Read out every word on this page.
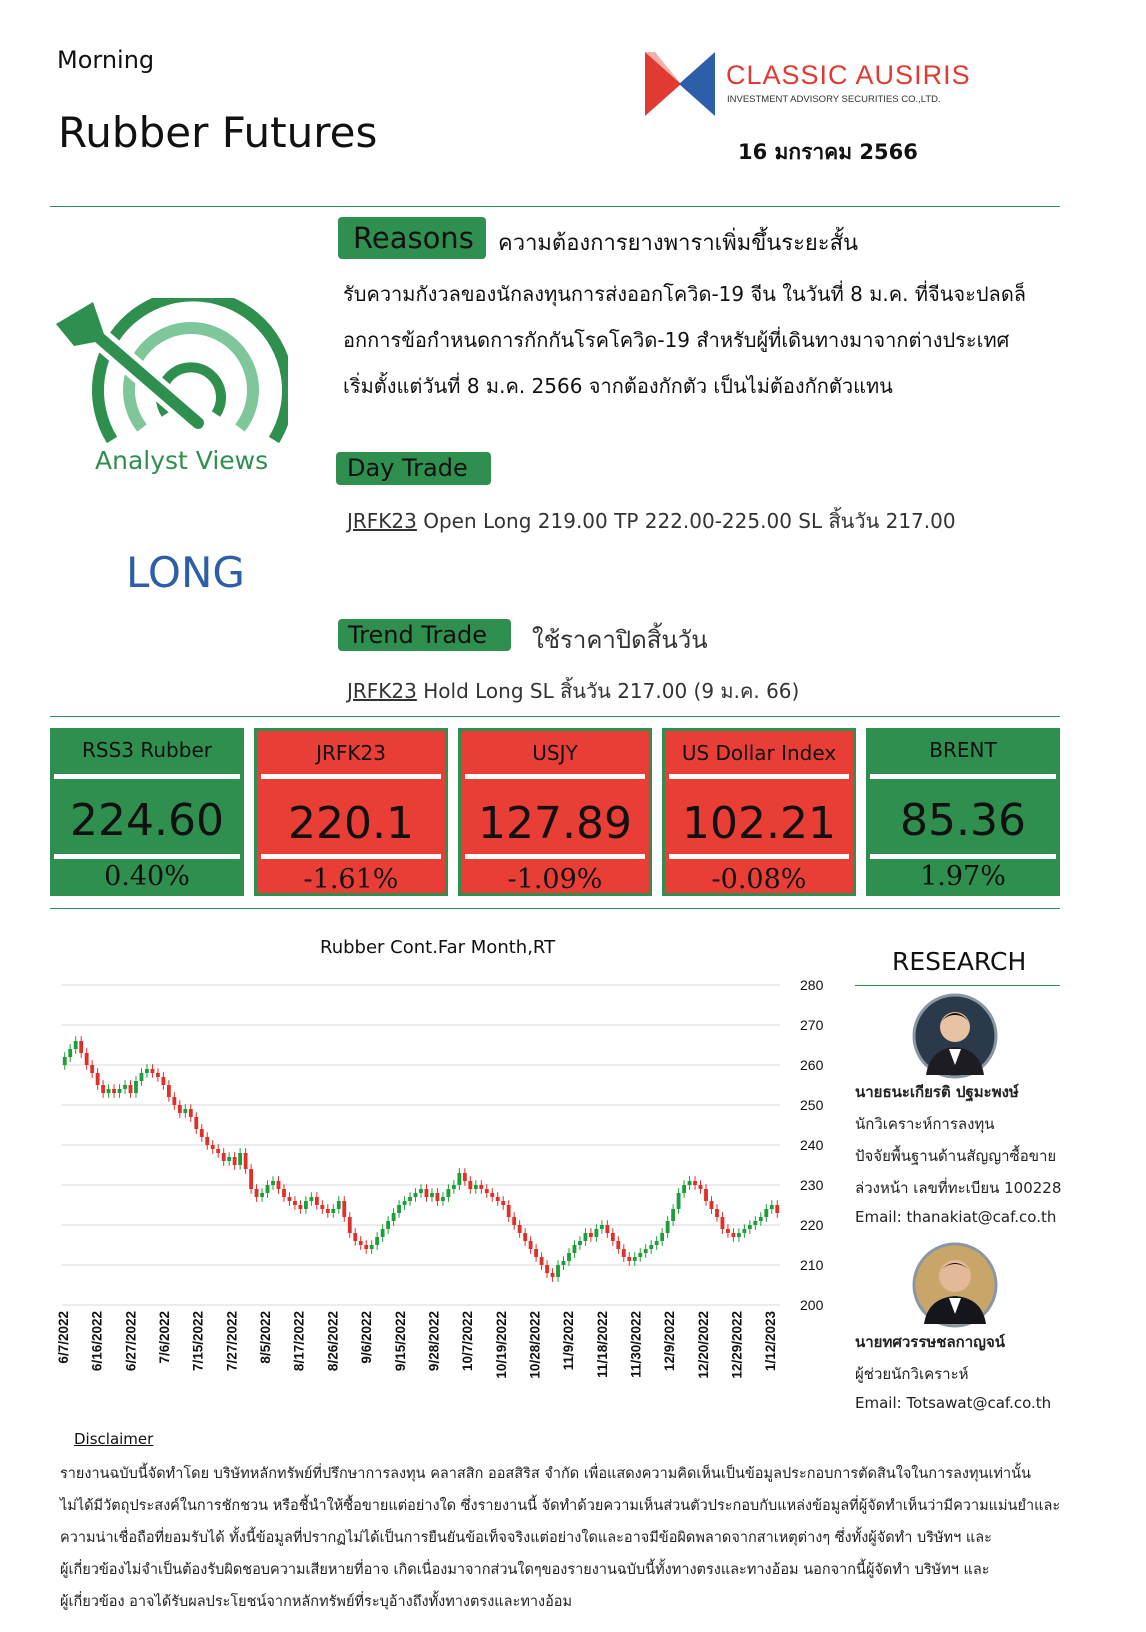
Morning
Rubber Futures
CLASSIC AUSIRIS
INVESTMENT ADVISORY SECURITIES CO.,LTD.
16 มกราคม 2566
Analyst Views
LONG
Reasons	ความต้องการยางพาราเพิ่มขึ้นระยะสั้น
รับความกังวลของนักลงทุนการส่งออกโควิด-19 จีน ในวันที่ 8 ม.ค. ที่จีนจะปลดล็
อกการข้อกำหนดการกักกันโรคโควิด-19 สำหรับผู้ที่เดินทางมาจากต่างประเทศ
เริ่มตั้งแต่วันที่ 8 ม.ค. 2566 จากต้องกักตัว เป็นไม่ต้องกักตัวแทน
Day Trade
JRFK23 Open Long 219.00 TP 222.00-225.00 SL สิ้นวัน 217.00
Trend Trade	ใช้ราคาปิดสิ้นวัน
JRFK23 Hold Long SL สิ้นวัน 217.00 (9 ม.ค. 66)
RSS3 Rubber
224.60
0.40%
JRFK23
220.1
-1.61%
USJY
127.89
-1.09%
US Dollar Index
102.21
-0.08%
BRENT
85.36
1.97%
Rubber Cont.Far Month,RT
280
270
260
250
240
230
220
210
200
6/7/2022 6/16/2022 6/27/2022 7/6/2022 7/15/2022 7/27/2022 8/5/2022 8/17/2022 8/26/2022 9/6/2022 9/15/2022 9/28/2022 10/7/2022 10/19/2022 10/28/2022 11/9/2022 11/18/2022 11/30/2022 12/9/2022 12/20/2022 12/29/2022 1/12/2023
RESEARCH
นายธนะเกียรติ ปฐมะพงษ์
นักวิเคราะห์การลงทุน
ปัจจัยพื้นฐานด้านสัญญาซื้อขาย
ล่วงหน้า เลขที่ทะเบียน 100228
Email: thanakiat@caf.co.th
นายทศวรรษชลกาญจน์
ผู้ช่วยนักวิเคราะห์
Email: Totsawat@caf.co.th
Disclaimer
รายงานฉบับนี้จัดทำโดย บริษัทหลักทรัพย์ที่ปรึกษาการลงทุน คลาสสิก ออสสิริส จำกัด เพื่อแสดงความคิดเห็นเป็นข้อมูลประกอบการตัดสินใจในการลงทุนเท่านั้น
ไม่ได้มีวัตถุประสงค์ในการชักชวน หรือชี้นำให้ซื้อขายแต่อย่างใด ซึ่งรายงานนี้ จัดทำด้วยความเห็นส่วนตัวประกอบกับแหล่งข้อมูลที่ผู้จัดทำเห็นว่ามีความแม่นยำและ
ความน่าเชื่อถือที่ยอมรับได้ ทั้งนี้ข้อมูลที่ปรากฏไม่ได้เป็นการยืนยันข้อเท็จจริงแต่อย่างใดและอาจมีข้อผิดพลาดจากสาเหตุต่างๆ ซึ่งทั้งผู้จัดทำ บริษัทฯ และ
ผู้เกี่ยวข้องไม่จำเป็นต้องรับผิดชอบความเสียหายที่อาจ เกิดเนื่องมาจากส่วนใดๆของรายงานฉบับนี้ทั้งทางตรงและทางอ้อม นอกจากนี้ผู้จัดทำ บริษัทฯ และ
ผู้เกี่ยวข้อง อาจได้รับผลประโยชน์จากหลักทรัพย์ที่ระบุอ้างถึงทั้งทางตรงและทางอ้อม
